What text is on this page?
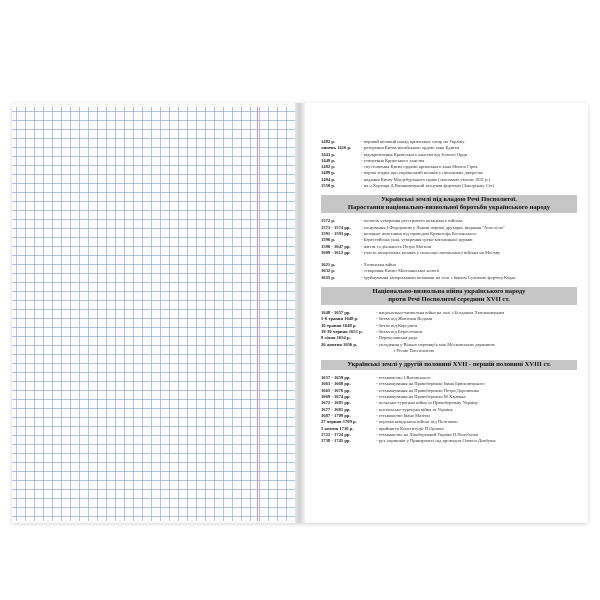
1482 р.	- перший великий напад кримських татар на Україну
липень 1416 р.	- розорення Києва ногайською ордою хана Едигея
1443 р.	- відокремлення Кримського ханства від Золотої Орди
1449 р.	- утворення Кримського ханства
1482 р.	- спустошення Києва ордами кримського хана Менглі Гірея
1489 р.	- перша згадка про український козаків у письмових джерелах
1494 р.	- надання Києву Магдебурзького права (скасовано указом 1831 р.)
1550 р.	- на о.Хортиця Д.Вишневецький заснував фортецю (Запорізьку Січ)
Українські землі під владою Речі Посполитої.
Наростання національно-визвольної боротьби українського народу
1572 р.	- початок утворення реєстрового козацького війська
1573 - 1574 рр.	- заснування І.Федоровим у Львові першої друкарні, видання "Апостола"
1591 - 1593 рр.	- козацьке повстання під проводом Криштофа Косинського
1596 р.	- Берестейська унія, утворення греко-католицької церкви
1596 - 1647 рр.	- життя та діяльність Петра Могили
1609 - 1612 рр.	- участь запорізьких козаків у польсько-литовського війська на Москву
1621 р.	- Хотинська війна
1632 р.	- створення Києво-Могилянської колегії
1635 р.	- зруйнування запорізькими козаками на чолі з Іваном Сулимою фортеці Кодак
Національно-визвольна війна українського народу
проти Речі Посполитої середини XVII ст.
1648 - 1657 рр.	- національно-визвольна війна на чолі з Богданом Хмельницьким
5-6 травня 1648 р.	- битва під Жовтими Водами
16 травня 1648 р.	- битва під Корсунем
18-30 червня 1651 р.	- битва під Берестечком
8 січня 1654 р.	- Переяславська рада
26 жовтня 1656 р.	- укладення у Вільно перемир'я між Московською державою
і Річчю Посполитою
Українські землі у другій половині XVII - першій половині XVIII ст.
1657 - 1659 рр.	- гетьманство І.Виговського
1663 - 1668 рр.	- гетьманування на Правобережжі Івана Брюховецького
1665 - 1676 рр.	- гетьманування на Правобережжі Петра Дорошенка
1669 - 1674 рр.	- гетьманування на Правобережжі М.Ханенка
1672 - 1681 рр.	- польсько-турецька війна за Правобережну Україну
1677 - 1681 рр.	- московсько-турецька війна за Україну
1687 - 1709 рр.	- гетьманство Івана Мазепи
27 червня 1709 р.	- поразка шведських військ під Полтавою
5 квітня 1710 р.	- прийняття Конституції П.Орлика
1722 - 1724 рр.	- гетьманство на Лівобережній Україні П.Полуботка
1738 - 1745 рр.	- рух опришків у Прикарпатті під проводом Олекси Довбуша
